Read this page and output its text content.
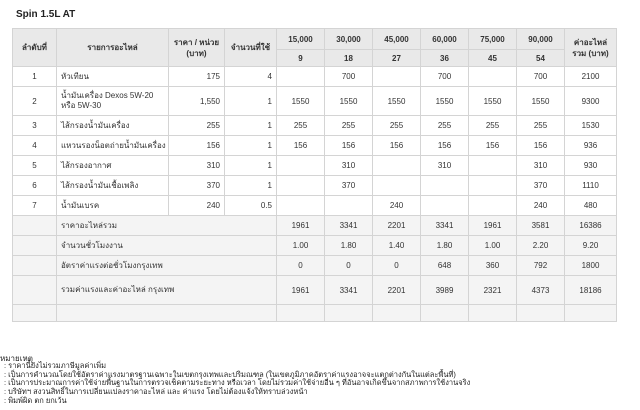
Spin 1.5L AT
ลำดับที่	รายการอะไหล่	ราคา / หน่วย (บาท)	จำนวนที่ใช้	15,000	30,000	45,000	60,000	75,000	90,000	ค่าอะไหล่รวม (บาท)

				9	18	27	36	45	54	
1	หัวเทียน	175	4		700		700		700	2100
2	น้ำมันเครื่อง Dexos 5W-20 หรือ 5W-30	1,550	1	1550	1550	1550	1550	1550	1550	9300
3	ไส้กรองน้ำมันเครื่อง	255	1	255	255	255	255	255	255	1530
4	แหวนรองน็อตถ่ายน้ำมันเครื่อง	156	1	156	156	156	156	156	156	936
5	ไส้กรองอากาศ	310	1		310		310		310	930
6	ไส้กรองน้ำมันเชื้อเพลิง	370	1		370				370	1110
7	น้ำมันเบรค	240	0.5			240			240	480
	ราคาอะไหล่รวม			1961	3341	2201	3341	1961	3581	16386
	จำนวนชั่วโมงงาน			1.00	1.80	1.40	1.80	1.00	2.20	9.20
	อัตราค่าแรงต่อชั่วโมงกรุงเทพ			0	0	0	648	360	792	1800
	รวมค่าแรงและค่าอะไหล่ กรุงเทพ			1961	3341	2201	3989	2321	4373	18186

หมายเหตุ
: ราคานี้ยังไม่รวมภาษีมูลค่าเพิ่ม
: เป็นการคำนวณโดยใช้อัตราค่าแรงมาตรฐานเฉพาะในเขตกรุงเทพและปริมณฑล (ในเขตภูมิภาคอัตราค่าแรงอาจจะแตกต่างกันในแต่ละพื้นที่)
: เป็นการประมาณการค่าใช้จ่ายพื้นฐานในการตรวจเช็คตามระยะทาง หรือเวลา โดยไม่รวมค่าใช้จ่ายอื่น ๆ ที่อันอาจเกิดขึ้นจากสภาพการใช้งานจริง
: บริษัทฯ สงวนสิทธิ์ในการเปลี่ยนแปลงราคาอะไหล่ และ ค่าแรง โดยไม่ต้องแจ้งให้ทราบล่วงหน้า
: พิมพ์ผิด ตก ยกเว้น
